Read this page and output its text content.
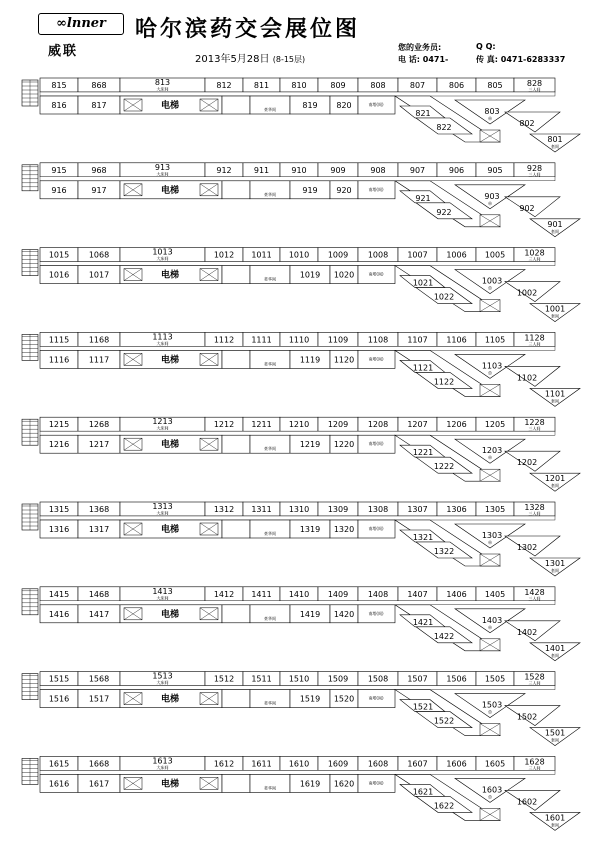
∞lnner
威联
哈尔滨药交会展位图
2013年5月28日 (8-15层)
您的业务员:
电 话: 0471-
Q Q:
传 真: 0471-6283337
815	868	813
大床间	812	811	810	809	808	807	806	805	828
三人间
816	817	电梯	豪华间	819 820	南塔(间)
821
822
803
单
802
801
套间
915	968	913
大床间	912	911	910	909	908	907	906	905	928
三人间
916	917	电梯	豪华间	919 920	南塔(间)
921
922
903
单
902
901
套间
1015 1068	1013
大床间	1012 1011 1010 1009 1008 1007 1006 1005 1028
三人间
1016 1017	电梯	豪华间	1019 1020	南塔(间)
1021
1022
1003
单
1002
1001
套间
1115 1168	1113
大床间	1112 1111 1110 1109 1108 1107 1106 1105 1128
三人间
1116 1117	电梯	豪华间	1119 1120	南塔(间)
1121
1122
1103
单
1102
1101
套间
1215 1268	1213
大床间	1212 1211 1210 1209 1208 1207 1206 1205 1228
三人间
1216 1217	电梯	豪华间	1219 1220	南塔(间)
1221
1222
1203
单
1202
1201
套间
1315 1368	1313
大床间	1312 1311 1310 1309 1308 1307 1306 1305 1328
三人间
1316 1317	电梯	豪华间	1319 1320	南塔(间)
1321
1322
1303
单
1302
1301
套间
1415 1468	1413
大床间	1412 1411 1410 1409 1408 1407 1406 1405 1428
三人间
1416 1417	电梯	豪华间	1419 1420	南塔(间)
1421
1422
1403
单
1402
1401
套间
1515 1568	1513
大床间	1512 1511 1510 1509 1508 1507 1506 1505 1528
三人间
1516 1517	电梯	豪华间	1519 1520	南塔(间)
1521
1522
1503
单
1502
1501
套间
1615 1668	1613
大床间	1612 1611 1610 1609 1608 1607 1606 1605 1628
三人间
1616 1617	电梯	豪华间	1619 1620	南塔(间)
1621
1622
1603
单
1602
1601
套间
